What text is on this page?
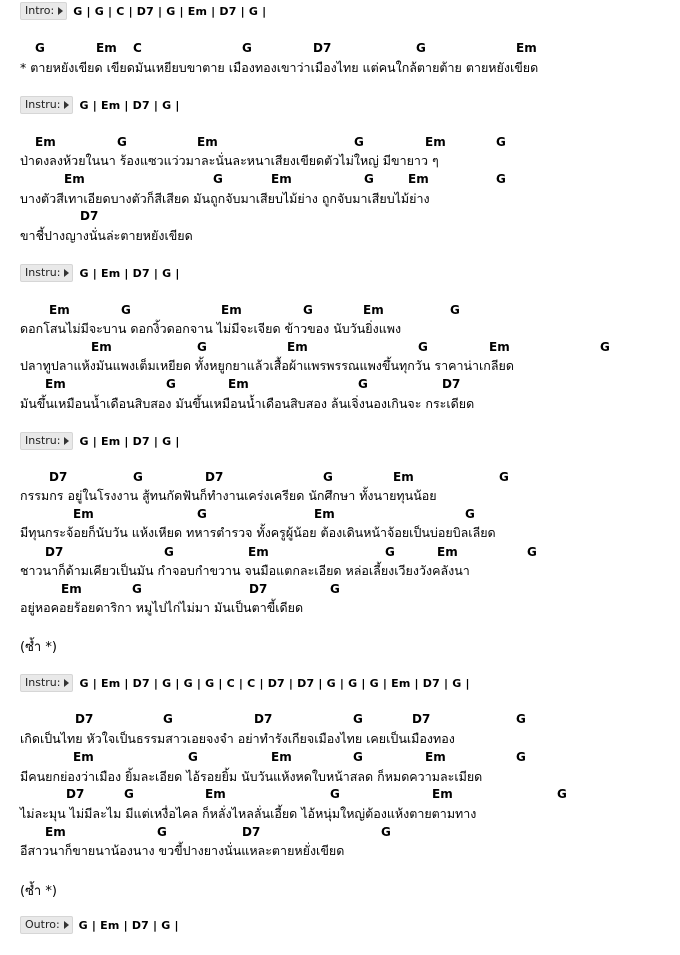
Intro: G | G | C | D7 | G | Em | D7 | G |
G	Em C	G	D7	G	Em
* ตายหยังเขียด เขียดมันเหยียบขาตาย เมืองทองเขาว่าเมืองไทย แต่คนใกล้ตายต้าย ตายหยังเขียด
Instru: G | Em | D7 | G |
Em	G	Em	G	Em	G
ป่าดงลงห้วยในนา ร้องแซวแว่วมาละนั่นละหนาเสียงเขียดตัวไม่ใหญ่ มีขายาว ๆ
Em	G	Em	G	Em	G
บางตัวสีเทาเอียดบางตัวก็สีเสียด มันถูกจับมาเสียบไม้ย่าง ถูกจับมาเสียบไม้ย่าง
D7
ขาชี้ปางญางนั่นล่ะตายหยังเขียด
Instru: G | Em | D7 | G |
Em	G	Em	G	Em	G
ดอกโสนไม่มีจะบาน ดอกงิ้วดอกจาน ไม่มีจะเจียด ข้าวของ นับวันยิ่งแพง
Em	G	Em	G	Em	G
ปลาทูปลาแห้งมันแพงเต็มเหยียด ทั้งหยูกยาแล้วเสื้อผ้าแพรพรรณแพงขึ้นทุกวัน ราคาน่าเกลียด
Em	G	Em	G	D7
มันขึ้นเหมือนน้ำเดือนสิบสอง มันขึ้นเหมือนน้ำเดือนสิบสอง ล้นเจิ่งนองเกินจะ กระเดียด
Instru: G | Em | D7 | G |
D7	G	D7	G	Em	G
กรรมกร อยู่ในโรงงาน สู้ทนกัดฟันก็ทำงานเคร่งเครียด นักศึกษา ทั้งนายทุนน้อย
Em	G	Em	G
มีทุนกระจ้อยก็นับวัน แห้งเหียด ทหารตำรวจ ทั้งครูผู้น้อย ต้องเดินหน้าจ้อยเป็นบ่อยบิลเลียด
D7	G	Em	G	Em	G
ชาวนาก็ด้ามเคียวเป็นมัน กำจอบกำขวาน จนมือแตกละเอียด หล่อเลี้ยงเวียงวังคลังนา
Em	G	D7	G
อยู่หอคอยร้อยดาริกา หมูไปไก่ไม่มา มันเป็นตาขี้เดียด
(ซ้ำ *)
Instru: G | Em | D7 | G | G | G | C | C | D7 | D7 | G | G | G | Em | D7 | G |
D7	G	D7	G	D7	G
เกิดเป็นไทย หัวใจเป็นธรรมสาวเอยจงจำ อย่าทำรังเกียจเมืองไทย เคยเป็นเมืองทอง
Em	G	Em	G	Em	G
มีคนยกย่องว่าเมือง ยิ้มละเอียด ไอ้รอยยิ้ม นับวันแห้งหดใบหน้าสลด ก็หมดความละเมียด
D7	G	Em	G	Em	G
ไม่ละมุน ไม่มีละไม มีแต่เหงื่อไคล ก็หลั่งไหลลั่นเอี้ยด ไอ้หนุ่มใหญ่ต้องแห้งตายตามทาง
Em	G	D7	G
อีสาวนาก็ขายนาน้องนาง ขวขี้ปางยางนั่นแหละตายหยั่งเขียด
(ซ้ำ *)
Outro: G | Em | D7 | G |
